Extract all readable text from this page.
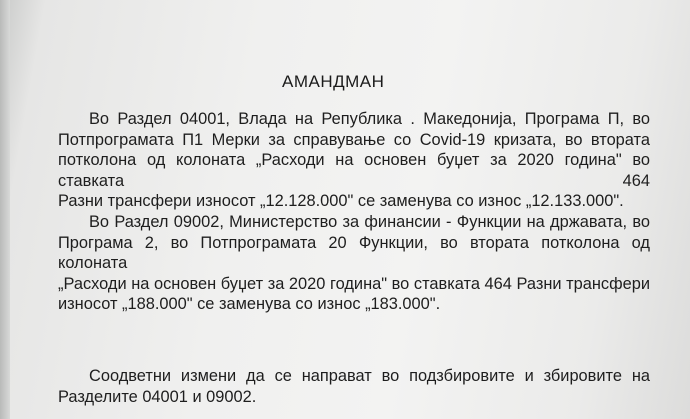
АМАНДМАН
Во Раздел 04001, Влада на Република . Македонија, Програма П, во
Потпрограмата П1 Мерки за справување со Covid-19 кризата, во втората
потколона од колоната „Расходи на основен буџет за 2020 година" во ставката 464
Разни трансфери износот „12.128.000" се заменува со износ „12.133.000".
Во Раздел 09002, Министерство за финансии - Функции на државата, во
Програма 2, во Потпрограмата 20 Функции, во втората потколона од колоната
„Расходи на основен буџет за 2020 година" во ставката 464 Разни трансфери
износот „188.000" се заменува со износ „183.000".
Соодветни измени да се направат во подзбировите и збировите на
Разделите 04001 и 09002.
